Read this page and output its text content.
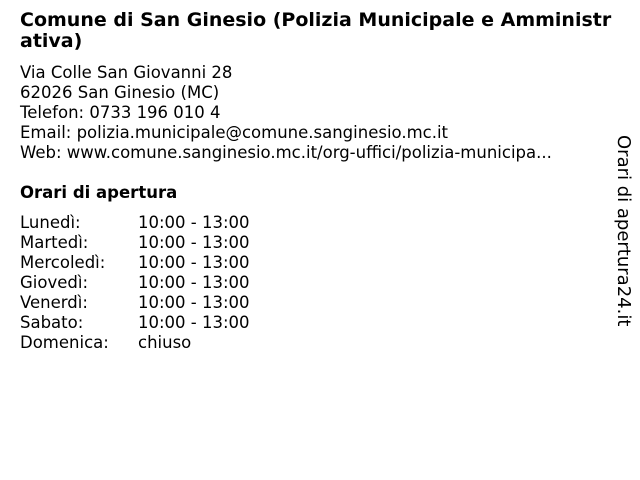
Comune di San Ginesio (Polizia Municipale e Amministrativa)
Via Colle San Giovanni 28
62026 San Ginesio (MC)
Telefon: 0733 196 010 4
Email: polizia.municipale@comune.sanginesio.mc.it
Web: www.comune.sanginesio.mc.it/org-uffici/polizia-municipa...
Orari di apertura
Lunedì:	10:00 - 13:00
Martedì:	10:00 - 13:00
Mercoledì:	10:00 - 13:00
Giovedì:	10:00 - 13:00
Venerdì:	10:00 - 13:00
Sabato:	10:00 - 13:00
Domenica:	chiuso
Orari di apertura24.it
